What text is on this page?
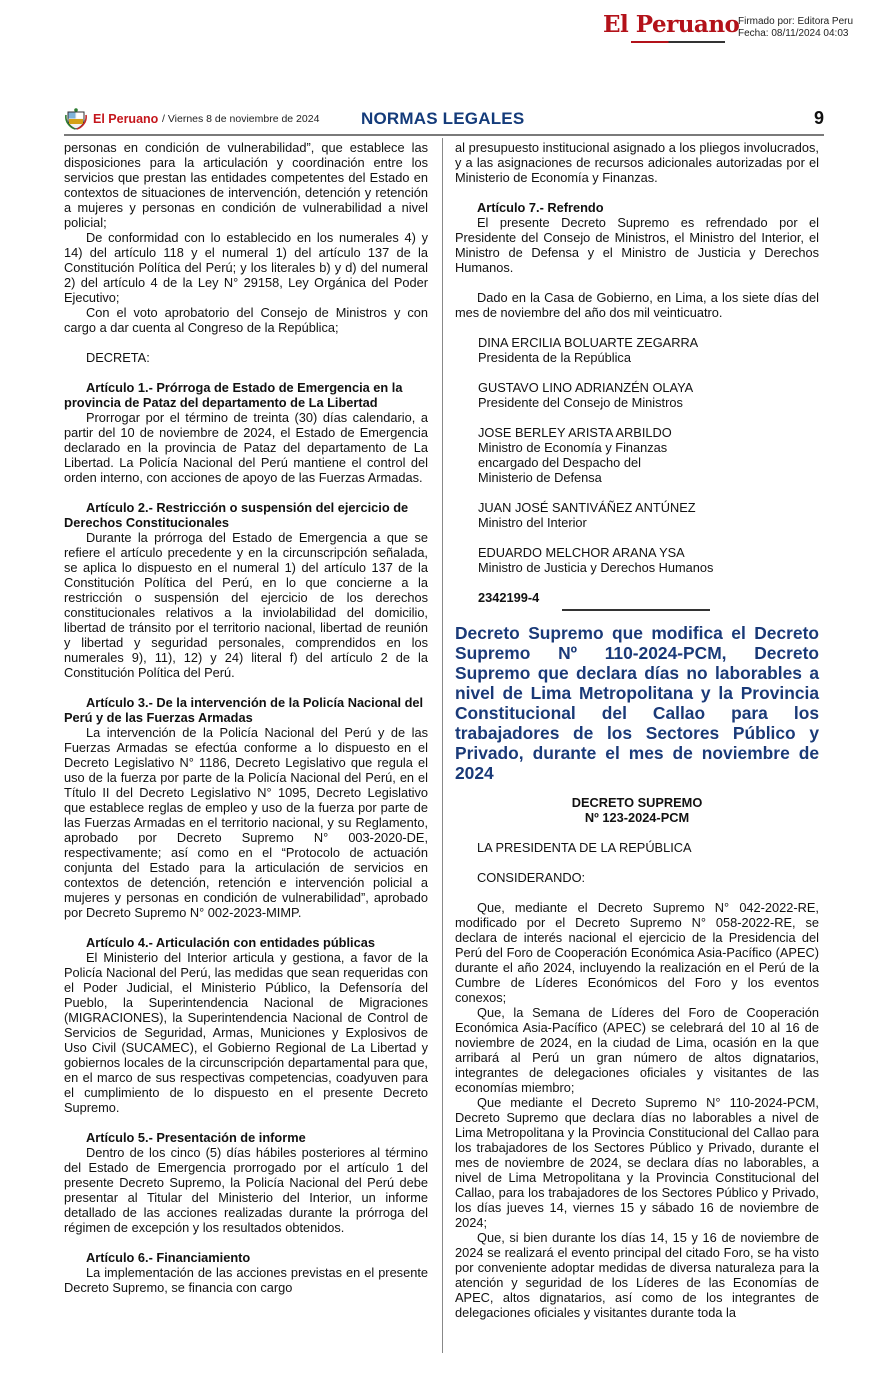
El Peruano
Firmado por: Editora Peru
Fecha: 08/11/2024 04:03
El Peruano / Viernes 8 de noviembre de 2024 NORMAS LEGALES	9

personas en condición de vulnerabilidad”, que establece las disposiciones para la articulación y coordinación entre los servicios que prestan las entidades competentes del Estado en contextos de situaciones de intervención, detención y retención a mujeres y personas en condición de vulnerabilidad a nivel policial;

De conformidad con lo establecido en los numerales 4) y 14) del artículo 118 y el numeral 1) del artículo 137 de la Constitución Política del Perú; y los literales b) y d) del numeral 2) del artículo 4 de la Ley N° 29158, Ley Orgánica del Poder Ejecutivo;

Con el voto aprobatorio del Consejo de Ministros y con cargo a dar cuenta al Congreso de la República;

DECRETA:

Artículo 1.- Prórroga de Estado de Emergencia en la provincia de Pataz del departamento de La Libertad

Prorrogar por el término de treinta (30) días calendario, a partir del 10 de noviembre de 2024, el Estado de Emergencia declarado en la provincia de Pataz del departamento de La Libertad. La Policía Nacional del Perú mantiene el control del orden interno, con acciones de apoyo de las Fuerzas Armadas.

Artículo 2.- Restricción o suspensión del ejercicio de Derechos Constitucionales

Durante la prórroga del Estado de Emergencia a que se refiere el artículo precedente y en la circunscripción señalada, se aplica lo dispuesto en el numeral 1) del artículo 137 de la Constitución Política del Perú, en lo que concierne a la restricción o suspensión del ejercicio de los derechos constitucionales relativos a la inviolabilidad del domicilio, libertad de tránsito por el territorio nacional, libertad de reunión y libertad y seguridad personales, comprendidos en los numerales 9), 11), 12) y 24) literal f) del artículo 2 de la Constitución Política del Perú.

Artículo 3.- De la intervención de la Policía Nacional del Perú y de las Fuerzas Armadas

La intervención de la Policía Nacional del Perú y de las Fuerzas Armadas se efectúa conforme a lo dispuesto en el Decreto Legislativo N° 1186, Decreto Legislativo que regula el uso de la fuerza por parte de la Policía Nacional del Perú, en el Título II del Decreto Legislativo N° 1095, Decreto Legislativo que establece reglas de empleo y uso de la fuerza por parte de las Fuerzas Armadas en el territorio nacional, y su Reglamento, aprobado por Decreto Supremo N° 003-2020-DE, respectivamente; así como en el “Protocolo de actuación conjunta del Estado para la articulación de servicios en contextos de detención, retención e intervención policial a mujeres y personas en condición de vulnerabilidad”, aprobado por Decreto Supremo N° 002-2023-MIMP.

Artículo 4.- Articulación con entidades públicas

El Ministerio del Interior articula y gestiona, a favor de la Policía Nacional del Perú, las medidas que sean requeridas con el Poder Judicial, el Ministerio Público, la Defensoría del Pueblo, la Superintendencia Nacional de Migraciones (MIGRACIONES), la Superintendencia Nacional de Control de Servicios de Seguridad, Armas, Municiones y Explosivos de Uso Civil (SUCAMEC), el Gobierno Regional de La Libertad y gobiernos locales de la circunscripción departamental para que, en el marco de sus respectivas competencias, coadyuven para el cumplimiento de lo dispuesto en el presente Decreto Supremo.

Artículo 5.- Presentación de informe

Dentro de los cinco (5) días hábiles posteriores al término del Estado de Emergencia prorrogado por el artículo 1 del presente Decreto Supremo, la Policía Nacional del Perú debe presentar al Titular del Ministerio del Interior, un informe detallado de las acciones realizadas durante la prórroga del régimen de excepción y los resultados obtenidos.

Artículo 6.- Financiamiento

La implementación de las acciones previstas en el presente Decreto Supremo, se financia con cargo

al presupuesto institucional asignado a los pliegos involucrados, y a las asignaciones de recursos adicionales autorizadas por el Ministerio de Economía y Finanzas.

Artículo 7.- Refrendo

El presente Decreto Supremo es refrendado por el Presidente del Consejo de Ministros, el Ministro del Interior, el Ministro de Defensa y el Ministro de Justicia y Derechos Humanos.

Dado en la Casa de Gobierno, en Lima, a los siete días del mes de noviembre del año dos mil veinticuatro.

DINA ERCILIA BOLUARTE ZEGARRA
Presidenta de la República
GUSTAVO LINO ADRIANZÉN OLAYA
Presidente del Consejo de Ministros
JOSE BERLEY ARISTA ARBILDO
Ministro de Economía y Finanzas
encargado del Despacho del
Ministerio de Defensa
JUAN JOSÉ SANTIVÁÑEZ ANTÚNEZ
Ministro del Interior
EDUARDO MELCHOR ARANA YSA
Ministro de Justicia y Derechos Humanos
2342199-4
Decreto Supremo que modifica el Decreto Supremo Nº 110-2024-PCM, Decreto Supremo que declara días no laborables a nivel de Lima Metropolitana y la Provincia Constitucional del Callao para los trabajadores de los Sectores Público y Privado, durante el mes de noviembre de 2024
DECRETO SUPREMO
Nº 123-2024-PCM

LA PRESIDENTA DE LA REPÚBLICA

CONSIDERANDO:

Que, mediante el Decreto Supremo N° 042-2022-RE, modificado por el Decreto Supremo N° 058-2022-RE, se declara de interés nacional el ejercicio de la Presidencia del Perú del Foro de Cooperación Económica Asia-Pacífico (APEC) durante el año 2024, incluyendo la realización en el Perú de la Cumbre de Líderes Económicos del Foro y los eventos conexos;

Que, la Semana de Líderes del Foro de Cooperación Económica Asia-Pacífico (APEC) se celebrará del 10 al 16 de noviembre de 2024, en la ciudad de Lima, ocasión en la que arribará al Perú un gran número de altos dignatarios, integrantes de delegaciones oficiales y visitantes de las economías miembro;

Que mediante el Decreto Supremo N° 110-2024-PCM, Decreto Supremo que declara días no laborables a nivel de Lima Metropolitana y la Provincia Constitucional del Callao para los trabajadores de los Sectores Público y Privado, durante el mes de noviembre de 2024, se declara días no laborables, a nivel de Lima Metropolitana y la Provincia Constitucional del Callao, para los trabajadores de los Sectores Público y Privado, los días jueves 14, viernes 15 y sábado 16 de noviembre de 2024;

Que, si bien durante los días 14, 15 y 16 de noviembre de 2024 se realizará el evento principal del citado Foro, se ha visto por conveniente adoptar medidas de diversa naturaleza para la atención y seguridad de los Líderes de las Economías de APEC, altos dignatarios, así como de los integrantes de delegaciones oficiales y visitantes durante toda la
